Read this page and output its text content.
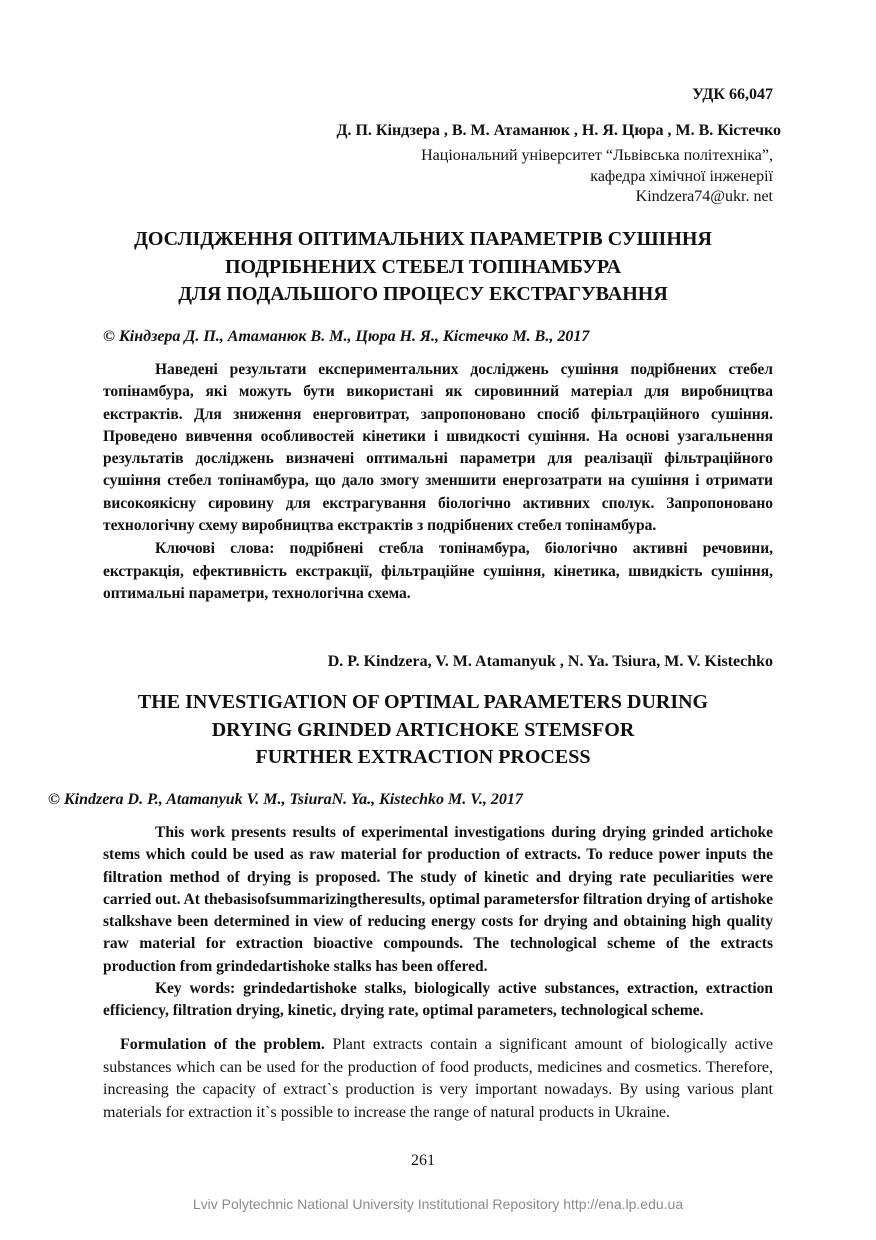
УДК 66,047
Д. П. Кіндзера , В. М. Атаманюк , Н. Я. Цюра , М. В. Кістечко
Національний університет “Львівська політехніка”,
кафедра хімічної інженерії
Kindzera74@ukr. net
ДОСЛІДЖЕННЯ ОПТИМАЛЬНИХ ПАРАМЕТРІВ СУШІННЯ
ПОДРІБНЕНИХ СТЕБЕЛ ТОПІНАМБУРА
ДЛЯ ПОДАЛЬШОГО ПРОЦЕСУ ЕКСТРАГУВАННЯ
© Кіндзера Д. П., Атаманюк В. М., Цюра Н. Я., Кістечко М. В., 2017

Наведені результати експериментальних досліджень сушіння подрібнених стебел топінамбура, які можуть бути використані як сировинний матеріал для виробництва екстрактів. Для зниження енерговитрат, запропоновано спосіб фільтраційного сушіння. Проведено вивчення особливостей кінетики і швидкості сушіння. На основі узагальнення результатів досліджень визначені оптимальні параметри для реалізації фільтраційного сушіння стебел топінамбура, що дало змогу зменшити енергозатрати на сушіння і отримати високоякісну сировину для екстрагування біологічно активних сполук. Запропоновано технологічну схему виробництва екстрактів з подрібнених стебел топінамбура.

Ключові слова: подрібнені стебла топінамбура, біологічно активні речовини, екстракція, ефективність екстракції, фільтраційне сушіння, кінетика, швидкість сушіння, оптимальні параметри, технологічна схема.

D. P. Kindzera, V. M. Atamanyuk , N. Ya. Tsiura, M. V. Kistechko
THE INVESTIGATION OF OPTIMAL PARAMETERS DURING
DRYING GRINDED ARTICHOKE STEMSFOR
FURTHER EXTRACTION PROCESS
© Kindzera D. P., Atamanyuk V. M., TsiuraN. Ya., Kistechko M. V., 2017

This work presents results of experimental investigations during drying grinded artichoke stems which could be used as raw material for production of extracts. To reduce power inputs the filtration method of drying is proposed. The study of kinetic and drying rate peculiarities were carried out. At thebasisofsummarizingtheresults, optimal parametersfor filtration drying of artishoke stalkshave been determined in view of reducing energy costs for drying and obtaining high quality raw material for extraction bioactive compounds. The technological scheme of the extracts production from grindedartishoke stalks has been offered.

Key words: grindedartishoke stalks, biologically active substances, extraction, extraction efficiency, filtration drying, kinetic, drying rate, optimal parameters, technological scheme.

Formulation of the problem. Plant extracts contain a significant amount of biologically active substances which can be used for the production of food products, medicines and cosmetics. Therefore, increasing the capacity of extract`s production is very important nowadays. By using various plant materials for extraction it`s possible to increase the range of natural products in Ukraine.

261
Lviv Polytechnic National University Institutional Repository http://ena.lp.edu.ua
